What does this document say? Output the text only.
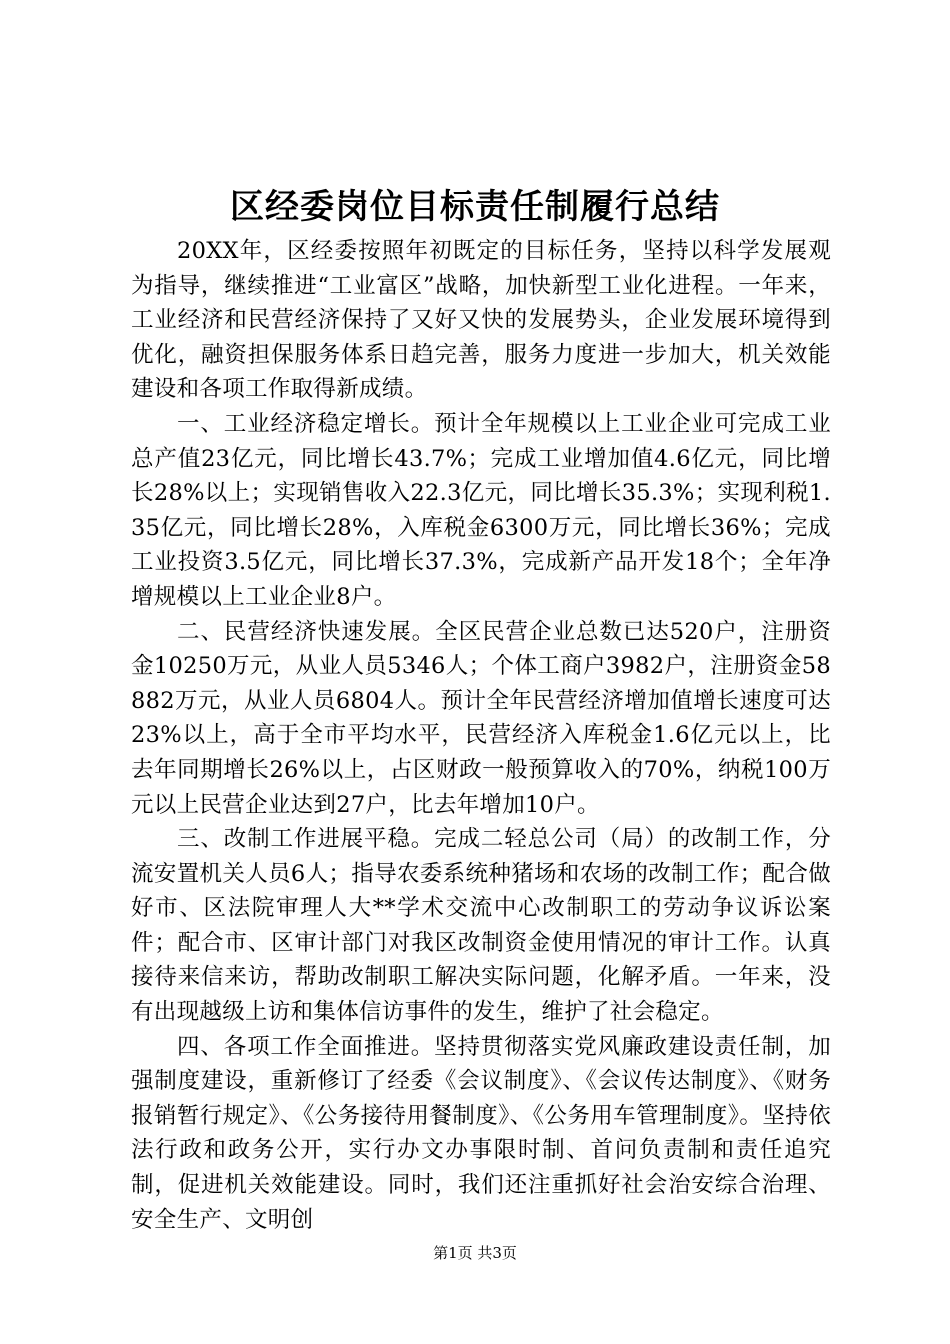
区经委岗位目标责任制履行总结

20XX年，区经委按照年初既定的目标任务，坚持以科学发展观为指导，继续推进“工业富区”战略，加快新型工业化进程。一年来，工业经济和民营经济保持了又好又快的发展势头，企业发展环境得到优化，融资担保服务体系日趋完善，服务力度进一步加大，机关效能建设和各项工作取得新成绩。

一、工业经济稳定增长。预计全年规模以上工业企业可完成工业总产值23亿元，同比增长43.7%；完成工业增加值4.6亿元，同比增长28%以上；实现销售收入22.3亿元，同比增长35.3%；实现利税1.35亿元，同比增长28%，入库税金6300万元，同比增长36%；完成工业投资3.5亿元，同比增长37.3%，完成新产品开发18个；全年净增规模以上工业企业8户。

二、民营经济快速发展。全区民营企业总数已达520户，注册资金10250万元，从业人员5346人；个体工商户3982户，注册资金58882万元，从业人员6804人。预计全年民营经济增加值增长速度可达23%以上，高于全市平均水平，民营经济入库税金1.6亿元以上，比去年同期增长26%以上，占区财政一般预算收入的70%，纳税100万元以上民营企业达到27户，比去年增加10户。

三、改制工作进展平稳。完成二轻总公司（局）的改制工作，分流安置机关人员6人；指导农委系统种猪场和农场的改制工作；配合做好市、区法院审理人大**学术交流中心改制职工的劳动争议诉讼案件；配合市、区审计部门对我区改制资金使用情况的审计工作。认真接待来信来访，帮助改制职工解决实际问题，化解矛盾。一年来，没有出现越级上访和集体信访事件的发生，维护了社会稳定。

四、各项工作全面推进。坚持贯彻落实党风廉政建设责任制，加强制度建设，重新修订了经委《会议制度》、《会议传达制度》、《财务报销暂行规定》、《公务接待用餐制度》、《公务用车管理制度》。坚持依法行政和政务公开，实行办文办事限时制、首问负责制和责任追究制，促进机关效能建设。同时，我们还注重抓好社会治安综合治理、安全生产、文明创

第1页 共3页
